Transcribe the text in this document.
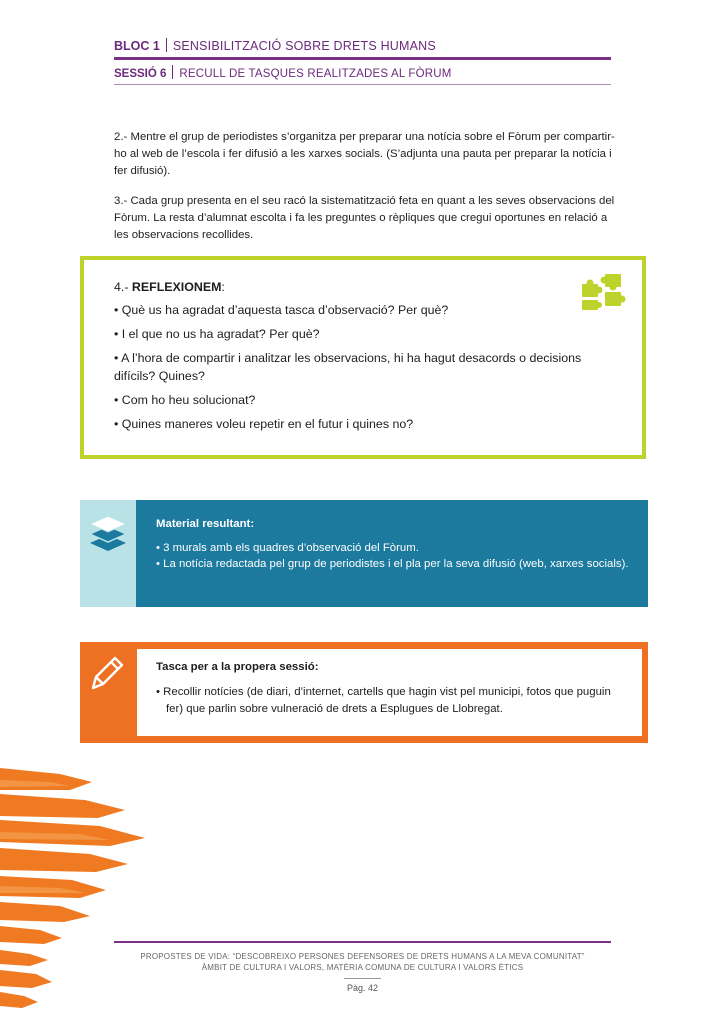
BLOC 1 SENSIBILITZACIÓ SOBRE DRETS HUMANS
SESSIÓ 6 RECULL DE TASQUES REALITZADES AL FÒRUM
2.- Mentre el grup de periodistes s’organitza per preparar una notícia sobre el Fòrum per compartir-ho al web de l’escola i fer difusió a les xarxes socials. (S’adjunta una pauta per preparar la notícia i fer difusió).
3.- Cada grup presenta en el seu racó la sistematització feta en quant a les seves observacions del Fòrum. La resta d’alumnat escolta i fa les preguntes o rèpliques que cregui oportunes en relació a les observacions recollides.
4.- REFLEXIONEM:
• Què us ha agradat d’aquesta tasca d’observació? Per què?
• I el que no us ha agradat? Per què?
• A l’hora de compartir i analitzar les observacions, hi ha hagut desacords o decisions difícils? Quines?
• Com ho heu solucionat?
• Quines maneres voleu repetir en el futur i quines no?
Material resultant:
• 3 murals amb els quadres d’observació del Fòrum.
• La notícia redactada pel grup de periodistes i el pla per la seva difusió (web, xarxes socials).
Tasca per a la propera sessió:
• Recollir notícies (de diari, d’internet, cartells que hagin vist pel municipi, fotos que puguin fer) que parlin sobre vulneració de drets a Esplugues de Llobregat.
PROPOSTES DE VIDA: “DESCOBREIXO PERSONES DEFENSORES DE DRETS HUMANS A LA MEVA COMUNITAT”
ÀMBIT DE CULTURA I VALORS, MATÈRIA COMUNA DE CULTURA I VALORS ÈTICS
Pàg. 42
